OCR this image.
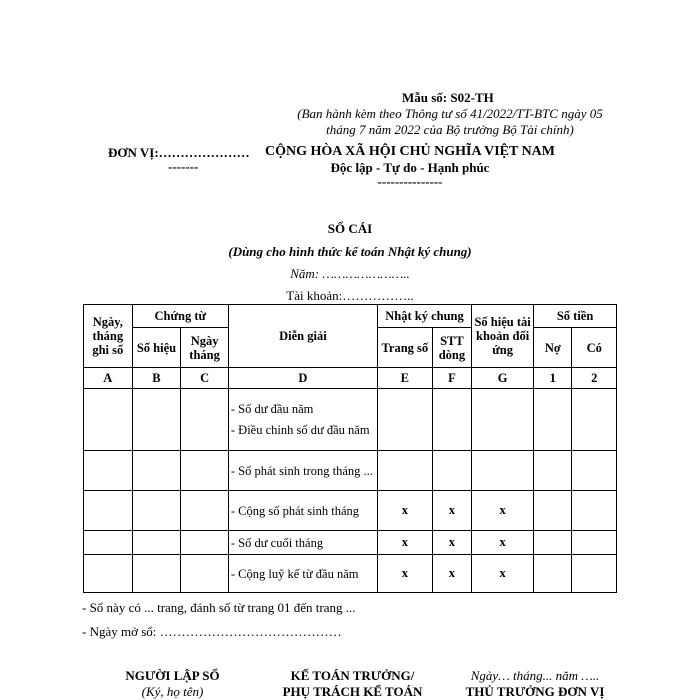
Mẫu số: S02-TH
(Ban hành kèm theo Thông tư số 41/2022/TT-BTC ngày 05
tháng 7 năm 2022 của Bộ trưởng Bộ Tài chính)
ĐƠN VỊ:…………………
-------
CỘNG HÒA XÃ HỘI CHỦ NGHĨA VIỆT NAM
Độc lập - Tự do - Hạnh phúc
---------------
SỔ CÁI
(Dùng cho hình thức kế toán Nhật ký chung)
Năm: …………………..
Tài khoản:……………..
Ngày, tháng ghi sổ	Chứng từ		Diễn giải	Nhật ký chung		Số hiệu tài khoản đối ứng	Số tiền	
	Số hiệu	Ngày tháng		Trang số	STT dòng		Nợ	Có
A	B	C	D	E	F	G	1	2

			- Số dư đầu năm
- Điều chỉnh số dư đầu năm					

			- Số phát sinh trong tháng ...					

			- Cộng số phát sinh tháng	x	x	x		

			- Số dư cuối tháng	x	x	x		

			- Cộng luỹ kế từ đầu năm	x	x	x		
- Sổ này có ... trang, đánh số từ trang 01 đến trang ...
- Ngày mở sổ: ……………………………………
NGƯỜI LẬP SỔ
(Ký, họ tên)
KẾ TOÁN TRƯỞNG/
PHỤ TRÁCH KẾ TOÁN
Ngày… tháng... năm …..
THỦ TRƯỞNG ĐƠN VỊ
